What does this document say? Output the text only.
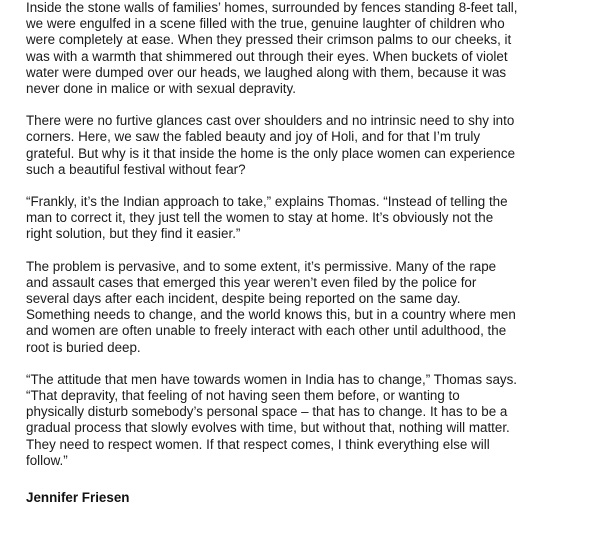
Inside the stone walls of families’ homes, surrounded by fences standing 8-feet tall,
we were engulfed in a scene filled with the true, genuine laughter of children who
were completely at ease. When they pressed their crimson palms to our cheeks, it
was with a warmth that shimmered out through their eyes. When buckets of violet
water were dumped over our heads, we laughed along with them, because it was
never done in malice or with sexual depravity.
There were no furtive glances cast over shoulders and no intrinsic need to shy into
corners. Here, we saw the fabled beauty and joy of Holi, and for that I’m truly
grateful. But why is it that inside the home is the only place women can experience
such a beautiful festival without fear?
“Frankly, it’s the Indian approach to take,” explains Thomas. “Instead of telling the
man to correct it, they just tell the women to stay at home. It’s obviously not the
right solution, but they find it easier.”
The problem is pervasive, and to some extent, it’s permissive. Many of the rape
and assault cases that emerged this year weren’t even filed by the police for
several days after each incident, despite being reported on the same day.
Something needs to change, and the world knows this, but in a country where men
and women are often unable to freely interact with each other until adulthood, the
root is buried deep.
“The attitude that men have towards women in India has to change,” Thomas says.
“That depravity, that feeling of not having seen them before, or wanting to
physically disturb somebody’s personal space – that has to change. It has to be a
gradual process that slowly evolves with time, but without that, nothing will matter.
They need to respect women. If that respect comes, I think everything else will
follow.”
Jennifer Friesen
